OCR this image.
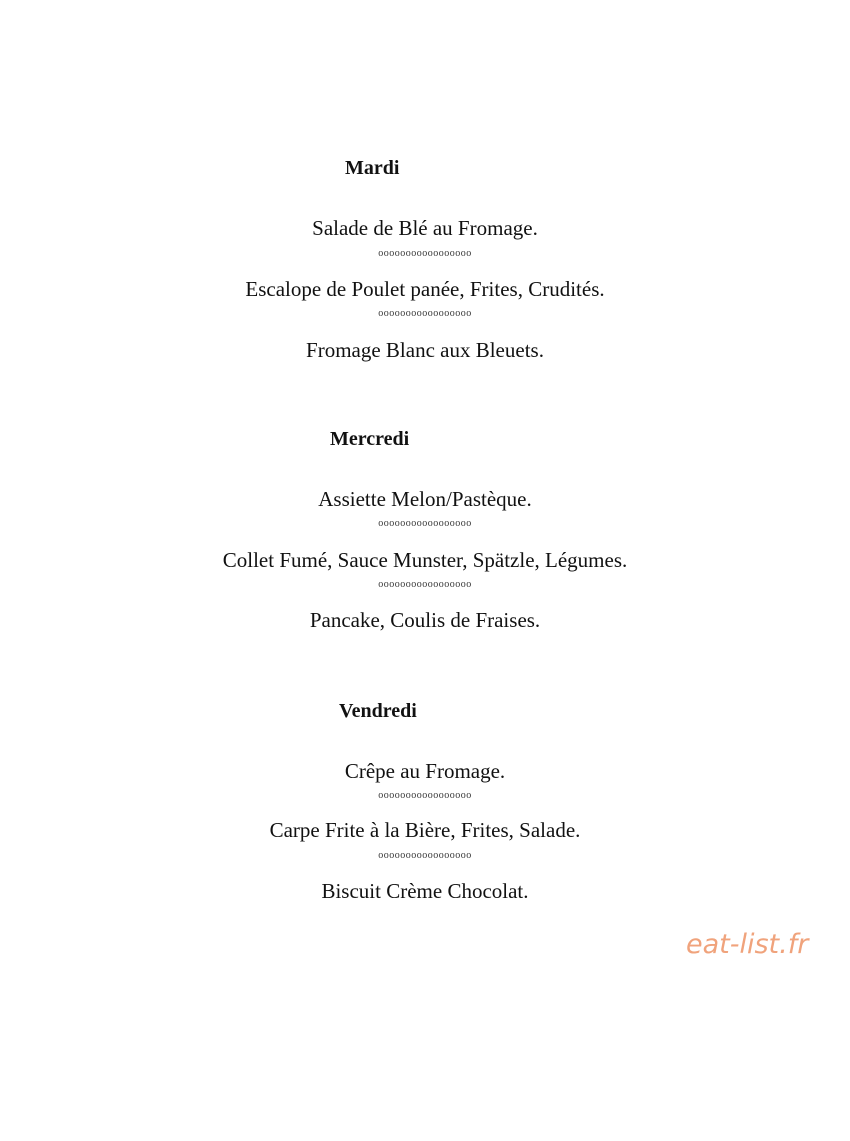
Mardi
Salade de Blé au Fromage.
ooooooooooooooooo
Escalope de Poulet panée, Frites, Crudités.
ooooooooooooooooo
Fromage Blanc aux Bleuets.
Mercredi
Assiette Melon/Pastèque.
ooooooooooooooooo
Collet Fumé, Sauce Munster, Spätzle, Légumes.
ooooooooooooooooo
Pancake, Coulis de Fraises.
Vendredi
Crêpe au Fromage.
ooooooooooooooooo
Carpe Frite à la Bière, Frites, Salade.
ooooooooooooooooo
Biscuit Crème Chocolat.
eat-list.fr
